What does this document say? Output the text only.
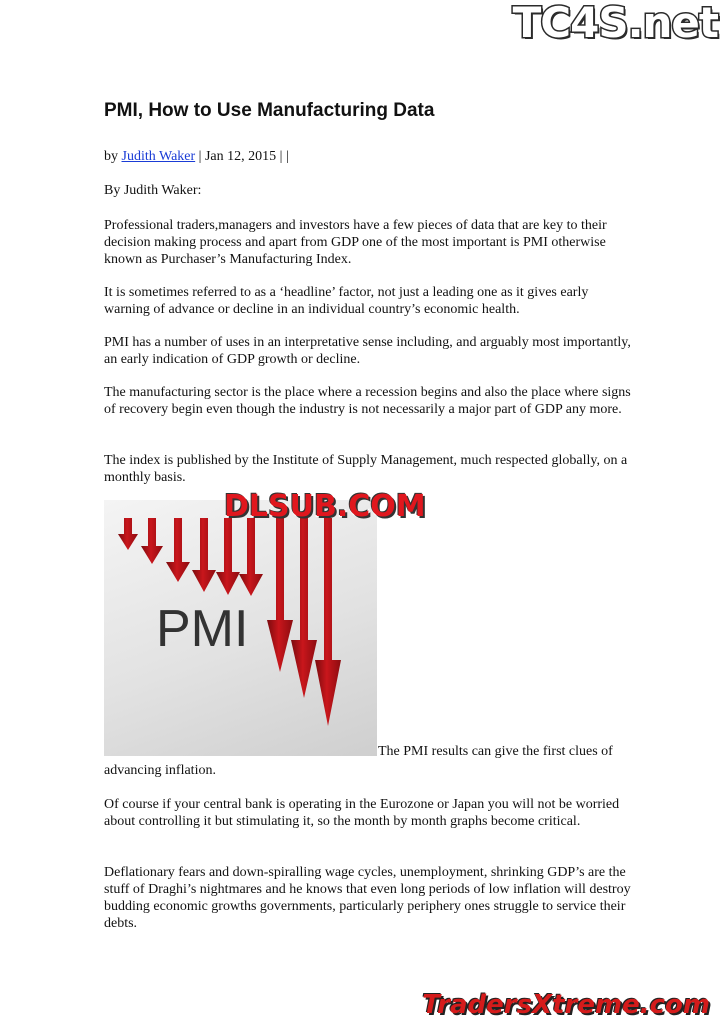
TC4S.net
PMI, How to Use Manufacturing Data
by Judith Waker | Jan 12, 2015 | |

By Judith Waker:

Professional traders,managers and investors have a few pieces of data that are key to their decision making process and apart from GDP one of the most important is PMI otherwise known as Purchaser’s Manufacturing Index.

It is sometimes referred to as a ‘headline’ factor, not just a leading one as it gives early warning of advance or decline in an individual country’s economic health.

PMI has a number of uses in an interpretative sense including, and arguably most importantly, an early indication of GDP growth or decline.

The manufacturing sector is the place where a recession begins and also the place where signs of recovery begin even though the industry is not necessarily a major part of GDP any more.

The index is published by the Institute of Supply Management, much respected globally, on a monthly basis.

PMI
DLSUB.COM
The PMI results can give the first clues of

advancing inflation.

Of course if your central bank is operating in the Eurozone or Japan you will not be worried about controlling it but stimulating it, so the month by month graphs become critical.

Deflationary fears and down-spiralling wage cycles, unemployment, shrinking GDP’s are the stuff of Draghi’s nightmares and he knows that even long periods of low inflation will destroy budding economic growths governments, particularly periphery ones struggle to service their debts.

TradersXtreme.com
